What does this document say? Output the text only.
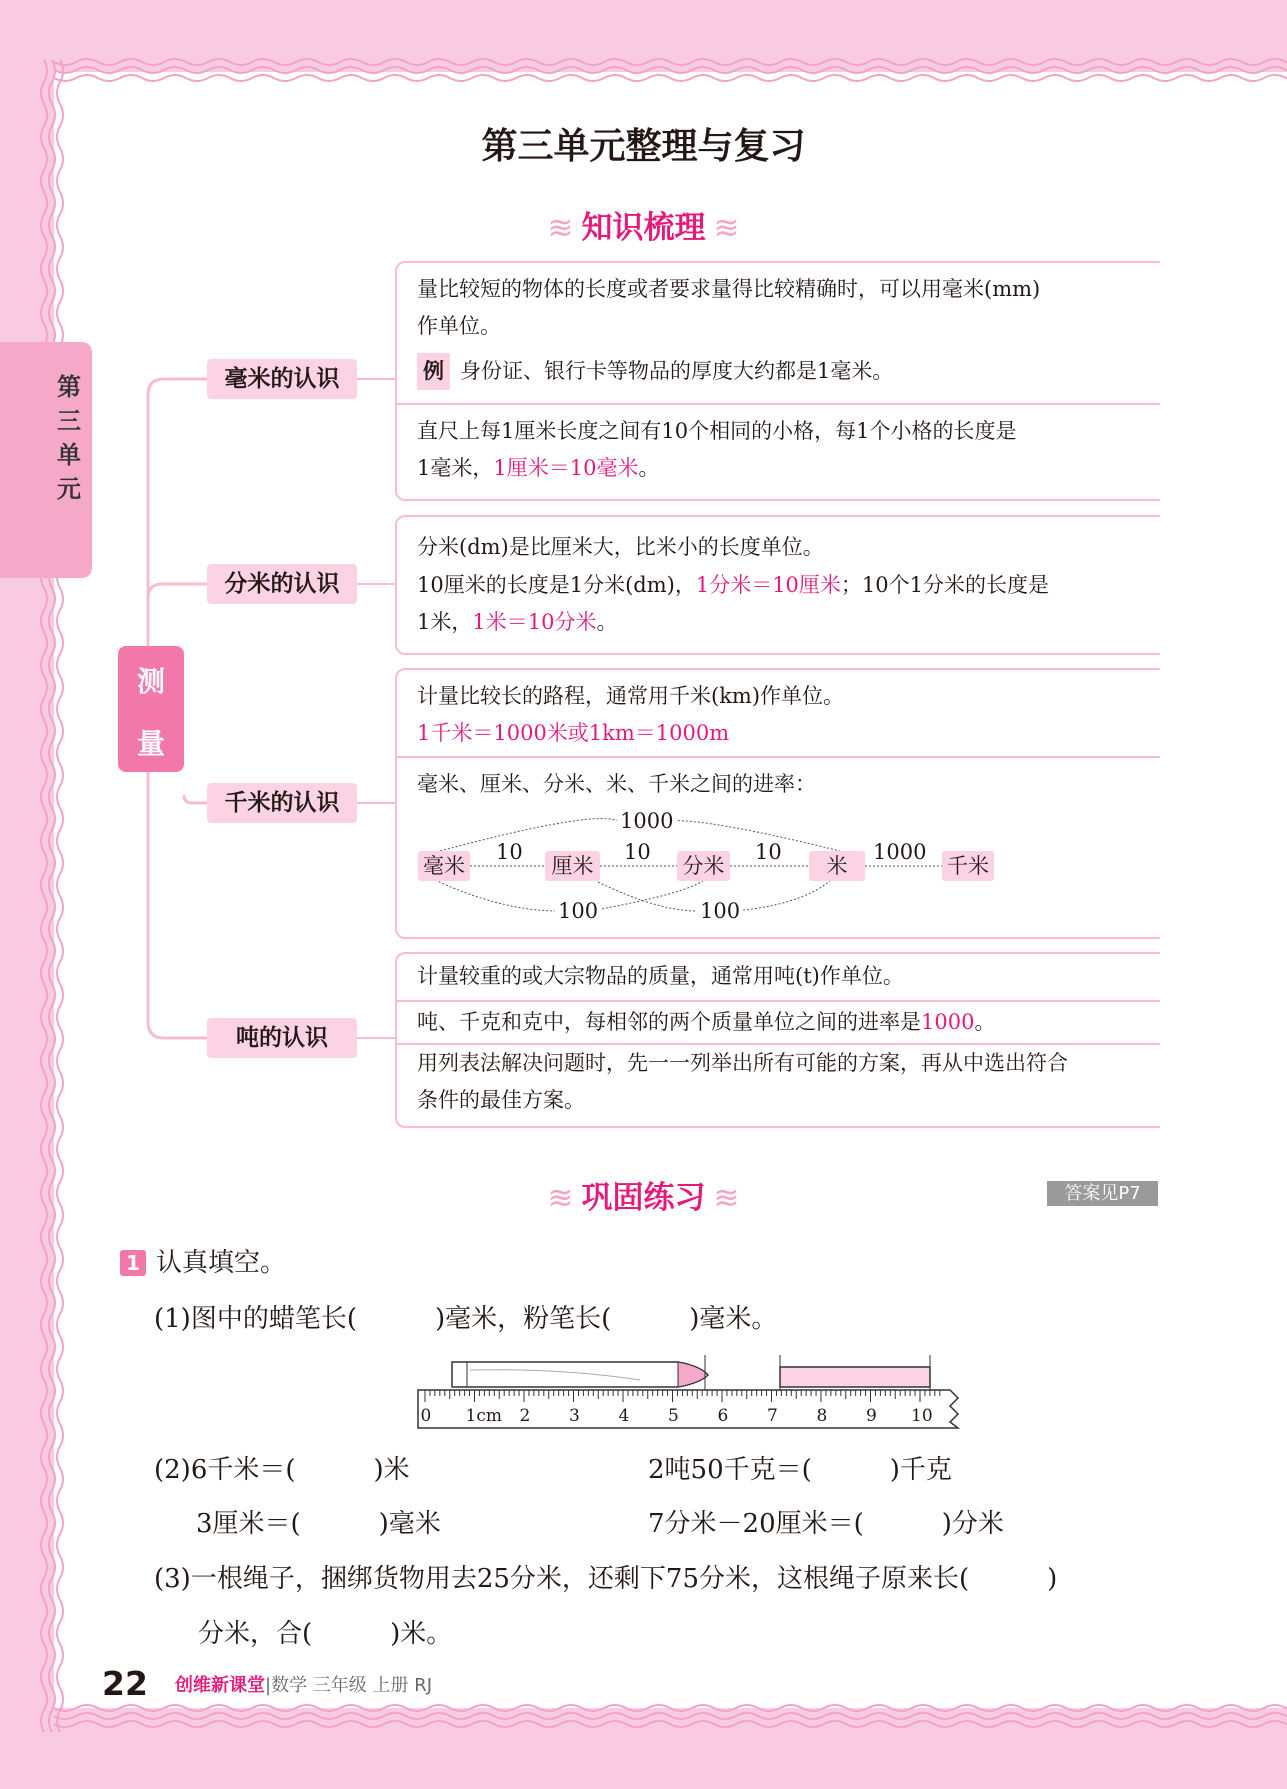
第三单元
第三单元整理与复习
≋ 知识梳理 ≋
测
量
毫米的认识
分米的认识
千米的认识
吨的认识
量比较短的物体的长度或者要求量得比较精确时，可以用毫米(mm)
作单位。
例 身份证、银行卡等物品的厚度大约都是1毫米。
直尺上每1厘米长度之间有10个相同的小格，每1个小格的长度是
1毫米，1厘米＝10毫米。
分米(dm)是比厘米大，比米小的长度单位。
10厘米的长度是1分米(dm)，1分米＝10厘米；10个1分米的长度是
1米，1米＝10分米。
计量比较长的路程，通常用千米(km)作单位。
1千米＝1000米或1km＝1000m
毫米、厘米、分米、米、千米之间的进率：
毫米	厘米	分米	米	千米
10	10	10	1000
1000
100	100
计量较重的或大宗物品的质量，通常用吨(t)作单位。
吨、千克和克中，每相邻的两个质量单位之间的进率是1000。
用列表法解决问题时，先一一列举出所有可能的方案，再从中选出符合
条件的最佳方案。
≋ 巩固练习 ≋	答案见P7
1 认真填空。
(1)图中的蜡笔长(　　　)毫米，粉笔长(　　　)毫米。
0 1cm 2 3 4 5 6 7 8 9 10
(2)6千米＝(　　　)米	2吨50千克＝(　　　)千克
3厘米＝(　　　)毫米	7分米－20厘米＝(　　　)分米
(3)一根绳子，捆绑货物用去25分米，还剩下75分米，这根绳子原来长(　　　)
分米，合(　　　)米。
22 创维新课堂|数学 三年级 上册 RJ
